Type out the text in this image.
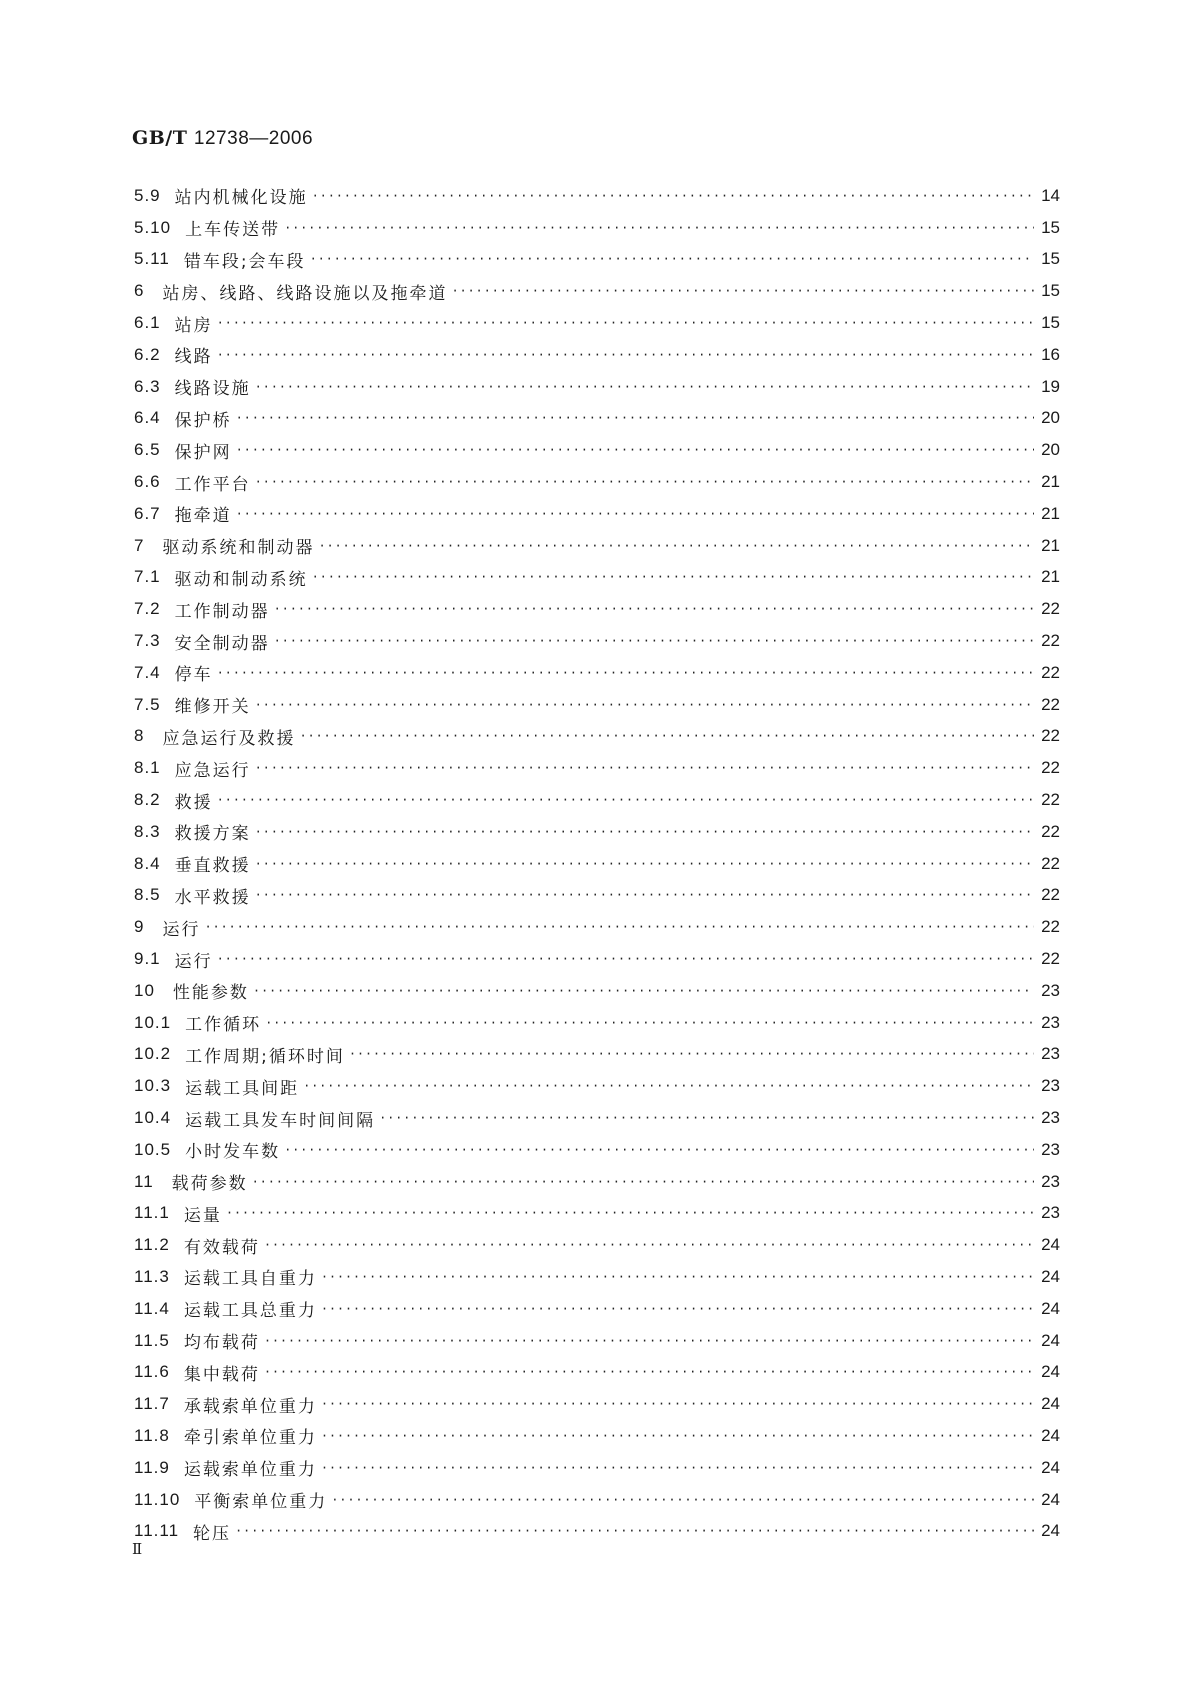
GB/T 12738—2006
5.9 站内机械化设施 ·····	14
5.10 上车传送带 ·····	15
5.11 错车段;会车段 ·····	15
6 站房、线路、线路设施以及拖牵道 ·····	15
6.1 站房 ·····	15
6.2 线路 ·····	16
6.3 线路设施 ·····	19
6.4 保护桥 ·····	20
6.5 保护网 ·····	20
6.6 工作平台 ·····	21
6.7 拖牵道 ·····	21
7 驱动系统和制动器 ·····	21
7.1 驱动和制动系统 ·····	21
7.2 工作制动器 ·····	22
7.3 安全制动器 ·····	22
7.4 停车 ·····	22
7.5 维修开关 ·····	22
8 应急运行及救援 ·····	22
8.1 应急运行 ·····	22
8.2 救援 ·····	22
8.3 救援方案 ·····	22
8.4 垂直救援 ·····	22
8.5 水平救援 ·····	22
9 运行 ·····	22
9.1 运行 ·····	22
10 性能参数 ·····	23
10.1 工作循环 ·····	23
10.2 工作周期;循环时间 ·····	23
10.3 运载工具间距 ·····	23
10.4 运载工具发车时间间隔 ·····	23
10.5 小时发车数 ·····	23
11 载荷参数 ·····	23
11.1 运量 ·····	23
11.2 有效载荷 ·····	24
11.3 运载工具自重力 ·····	24
11.4 运载工具总重力 ·····	24
11.5 均布载荷 ·····	24
11.6 集中载荷 ·····	24
11.7 承载索单位重力 ·····	24
11.8 牵引索单位重力 ·····	24
11.9 运载索单位重力 ·····	24
11.10 平衡索单位重力 ·····	24
11.11 轮压 ·····	24
Ⅱ
